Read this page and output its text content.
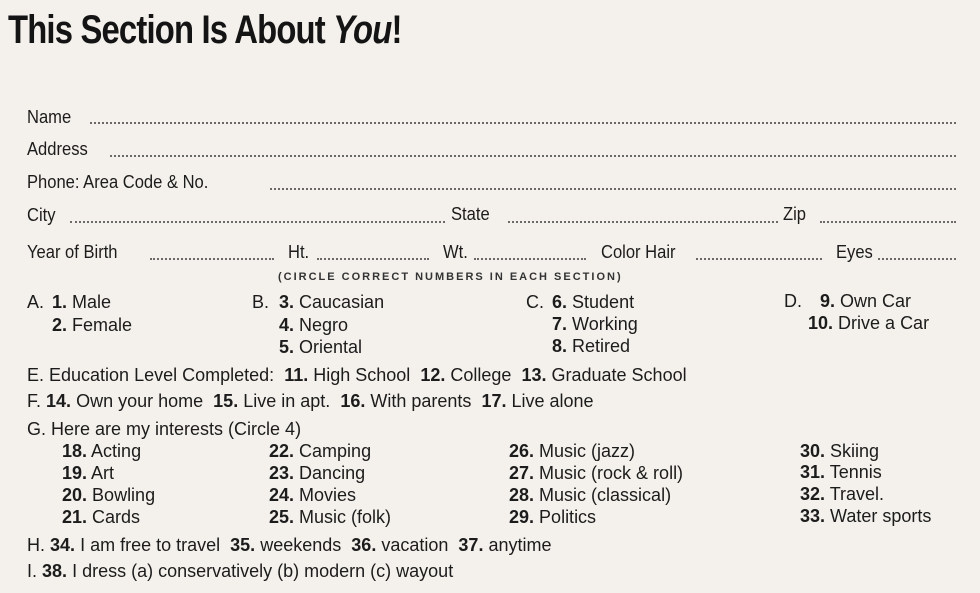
This Section Is About You!
Name
Address
Phone: Area Code & No.
City	State	Zip
Year of Birth	Ht.	Wt.	Color Hair	Eyes
(CIRCLE CORRECT NUMBERS IN EACH SECTION)
A. 1. Male
2. Female
B. 3. Caucasian
4. Negro
5. Oriental
C. 6. Student
7. Working
8. Retired
D. 9. Own Car
10. Drive a Car
E. Education Level Completed: 11. High School 12. College 13. Graduate School
F. 14. Own your home 15. Live in apt. 16. With parents 17. Live alone
G. Here are my interests (Circle 4)
18. Acting
19. Art
20. Bowling
21. Cards
22. Camping
23. Dancing
24. Movies
25. Music (folk)
26. Music (jazz)
27. Music (rock & roll)
28. Music (classical)
29. Politics
30. Skiing
31. Tennis
32. Travel.
33. Water sports
H. 34. I am free to travel 35. weekends 36. vacation 37. anytime
I. 38. I dress (a) conservatively (b) modern (c) wayout
